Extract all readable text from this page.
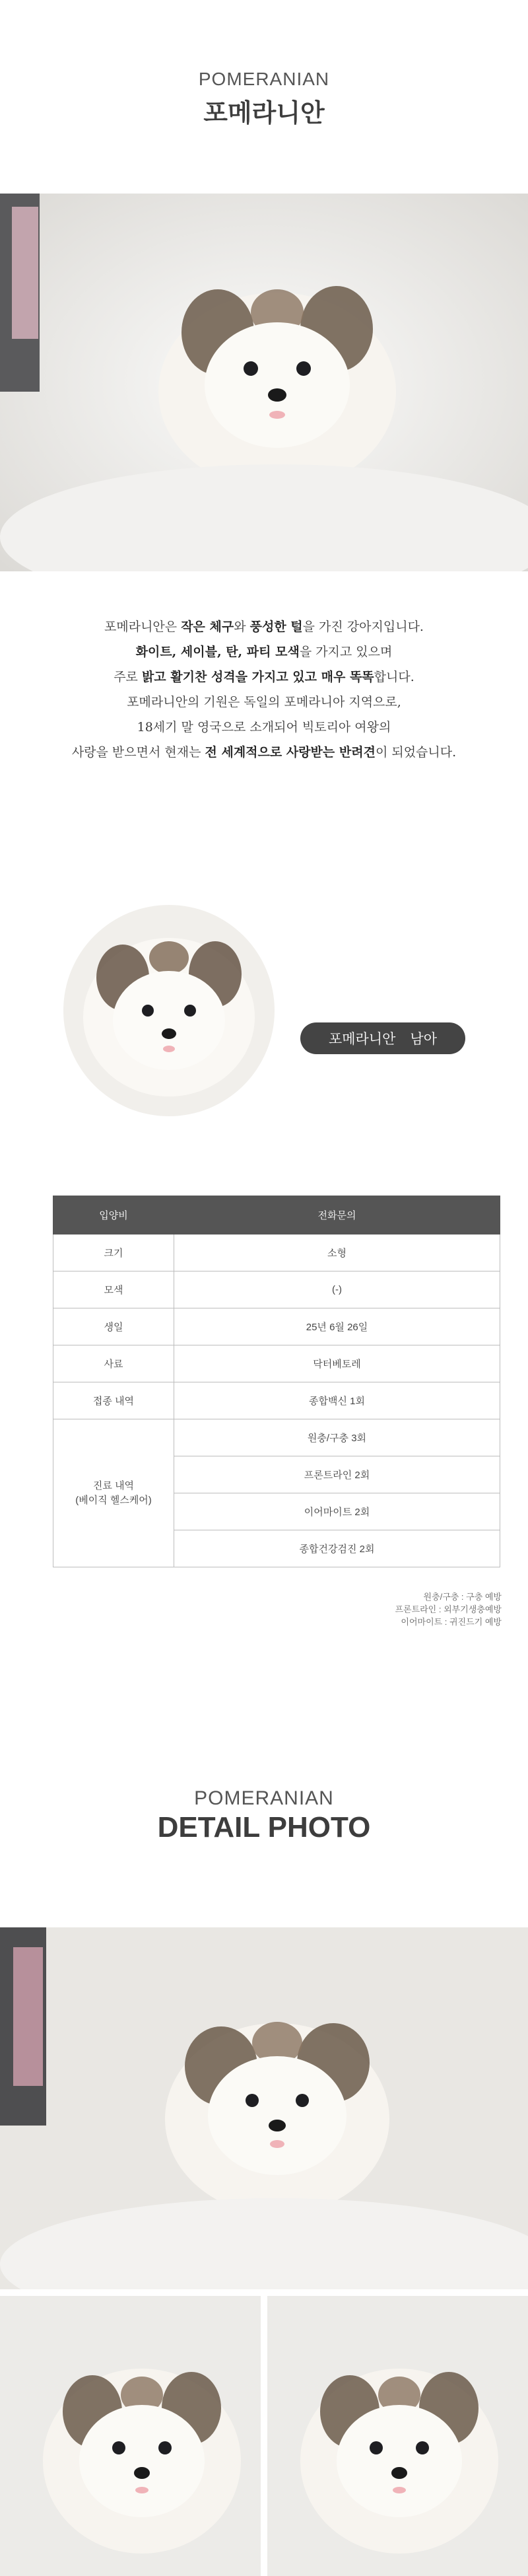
POMERANIAN
포메라니안
포메라니안은 작은 체구와 풍성한 털을 가진 강아지입니다.
화이트, 세이블, 탄, 파티 모색을 가지고 있으며
주로 밝고 활기찬 성격을 가지고 있고 매우 똑똑합니다.
포메라니안의 기원은 독일의 포메라니아 지역으로,
18세기 말 영국으로 소개되어 빅토리아 여왕의
사랑을 받으면서 현재는 전 세계적으로 사랑받는 반려견이 되었습니다.
포메라니안 남아
입양비	전화문의
크기	소형
모색	(-)
생일	25년 6월 26일
사료	닥터베토레
접종 내역	종합백신 1회

진료 내역
(베이직 헬스케어)	원충/구충 3회
	프론트라인 2회
	이어마이트 2회
	종합건강검진 2회
원충/구충 : 구충 예방
프론트라인 : 외부기생충예방
이어마이트 : 귀진드기 예방
POMERANIAN
DETAIL PHOTO
